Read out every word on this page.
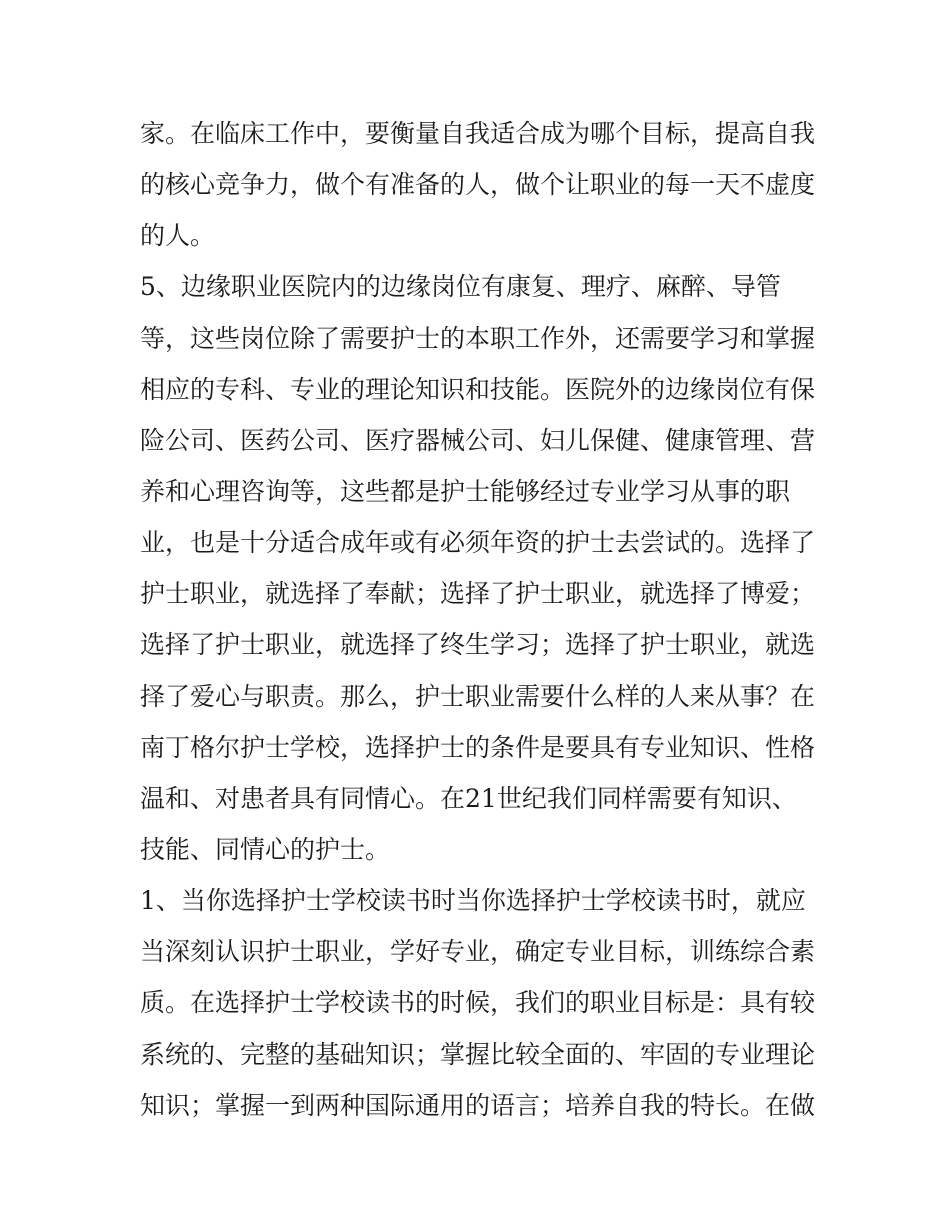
家。在临床工作中，要衡量自我适合成为哪个目标，提高自我
的核心竞争力，做个有准备的人，做个让职业的每一天不虚度
的人。
5、边缘职业医院内的边缘岗位有康复、理疗、麻醉、导管
等，这些岗位除了需要护士的本职工作外，还需要学习和掌握
相应的专科、专业的理论知识和技能。医院外的边缘岗位有保
险公司、医药公司、医疗器械公司、妇儿保健、健康管理、营
养和心理咨询等，这些都是护士能够经过专业学习从事的职
业，也是十分适合成年或有必须年资的护士去尝试的。选择了
护士职业，就选择了奉献；选择了护士职业，就选择了博爱；
选择了护士职业，就选择了终生学习；选择了护士职业，就选
择了爱心与职责。那么，护士职业需要什么样的人来从事？在
南丁格尔护士学校，选择护士的条件是要具有专业知识、性格
温和、对患者具有同情心。在21世纪我们同样需要有知识、
技能、同情心的护士。
1、当你选择护士学校读书时当你选择护士学校读书时，就应
当深刻认识护士职业，学好专业，确定专业目标，训练综合素
质。在选择护士学校读书的时候，我们的职业目标是：具有较
系统的、完整的基础知识；掌握比较全面的、牢固的专业理论
知识；掌握一到两种国际通用的语言；培养自我的特长。在做
